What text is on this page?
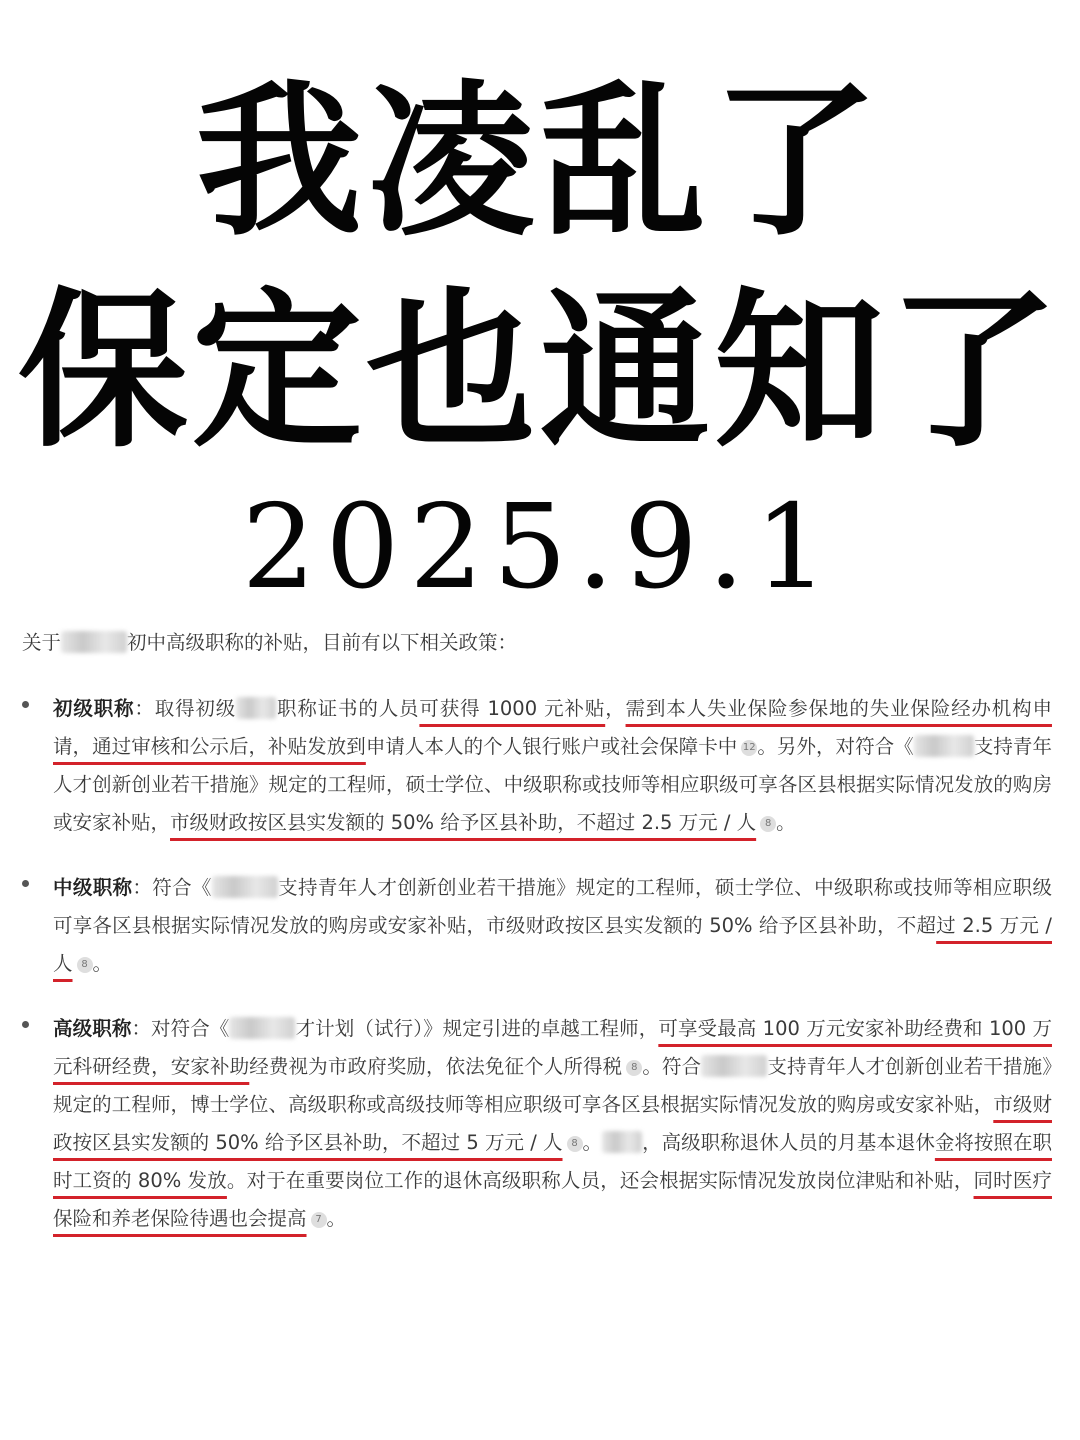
我凌乱了
保定也通知了
2025.9.1

关于	初中高级职称的补贴，目前有以下相关政策：

初级职称：取得初级 职称证书的人员可获得 1000 元补贴，需到本人失业保险参保地的失业保险经办机构申请，通过审核和公示后，补贴发放到申请人本人的个人银行账户或社会保障卡中 12。另外，对符合《	支持青年人才创新创业若干措施》规定的工程师，硕士学位、中级职称或技师等相应职级可享各区县根据实际情况发放的购房或安家补贴，市级财政按区县实发额的 50% 给予区县补助，不超过 2.5 万元 / 人 8 。

中级职称：符合《	支持青年人才创新创业若干措施》规定的工程师，硕士学位、中级职称或技师等相应职级可享各区县根据实际情况发放的购房或安家补贴，市级财政按区县实发额的 50% 给予区县补助，不超过 2.5 万元 / 人 8 。

高级职称：对符合《	才计划（试行）》规定引进的卓越工程师，可享受最高 100 万元安家补助经费和 100 万元科研经费，安家补助经费视为市政府奖励，依法免征个人所得税 8 。符合	支持青年人才创新创业若干措施》规定的工程师，博士学位、高级职称或高级技师等相应职级可享各区县根据实际情况发放的购房或安家补贴，市级财政按区县实发额的 50% 给予区县补助，不超过 5 万元 / 人 8 。 ，高级职称退休人员的月基本退休金将按照在职时工资的 80% 发放。对于在重要岗位工作的退休高级职称人员，还会根据实际情况发放岗位津贴和补贴，同时医疗保险和养老保险待遇也会提高 7 。
